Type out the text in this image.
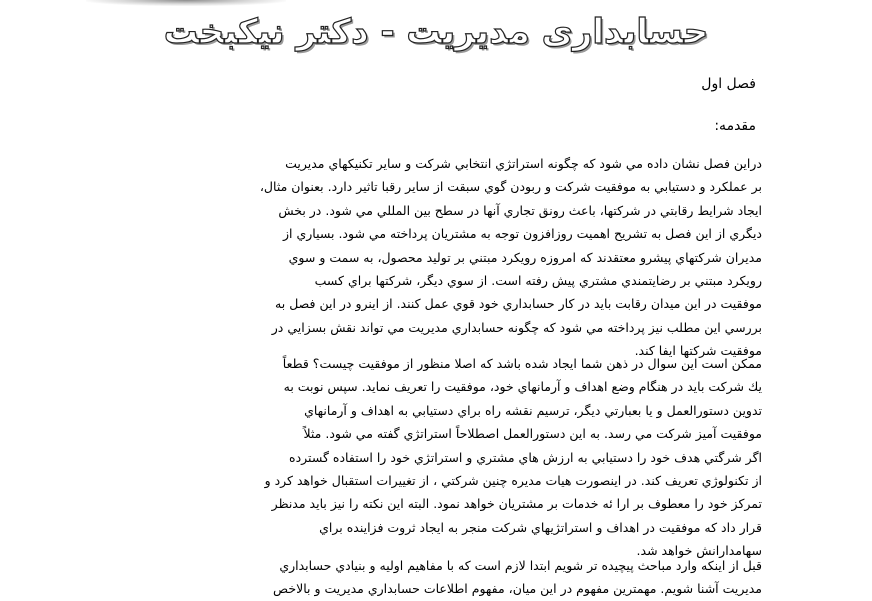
حسابداری مدیریت - دکتر نیکبخت
فصل اول
مقدمه:
دراين فصل نشان داده مي شود كه چگونه استراتژي انتخابي شركت و ساير تكنيكهاي مديريت
بر عملكرد و دستيابي به موفقيت شركت و ربودن گوي سبقت از ساير رقبا تاثير دارد. بعنوان مثال،
ايجاد شرايط رقابتي در شركتها، باعث رونق تجاري آنها در سطح بين المللي مي شود. در بخش
ديگري از اين فصل به تشريح اهميت روزافزون توجه به مشتريان پرداخته مي شود. بسياري از
مديران شركتهاي پيشرو معتقدند كه امروزه رويكرد مبتني بر توليد محصول، به سمت و سوي
رويكرد مبتني بر رضايتمندي مشتري پيش رفته است. از سوي ديگر، شركتها براي كسب
موفقيت در اين ميدان رقابت بايد در كار حسابداري خود قوي عمل كنند. از اينرو در اين فصل به
بررسي اين مطلب نيز پرداخته مي شود كه چگونه حسابداري مديريت مي تواند نقش بسزايي در
موفقيت شركتها ايفا كند.
ممكن است اين سوال در ذهن شما ايجاد شده باشد كه اصلا منظور از موفقيت چيست؟ قطعاً
يك شركت بايد در هنگام وضع اهداف و آرمانهاي خود، موفقيت را تعريف نمايد. سپس نوبت به
تدوين دستورالعمل و يا بعبارتي ديگر، ترسيم نقشه راه براي دستيابي به اهداف و آرمانهاي
موفقيت آميز شركت مي رسد. به اين دستورالعمل اصطلاحاً استراتژي گفته مي شود. مثلاً
اگر شرگتي هدف خود را دستيابي به ارزش هاي مشتري و استراتژي خود را استفاده گسترده
از تكنولوژي تعريف كند. در اينصورت هيات مديره چنين شركتي ، از تغييرات استقبال خواهد كرد و
تمركز خود را معطوف بر ارا ئه خدمات بر مشتريان خواهد نمود. البته اين نكته را نيز بايد مدنظر
قرار داد كه موفقيت در اهداف و استراتژيهاي شركت منجر به ايجاد ثروت فزاينده براي
سهامدارانش خواهد شد.
قبل از اينكه وارد مباحث پيچيده تر شويم ابتدا لازم است كه با مفاهيم اوليه و بنيادي حسابداري
مديريت آشنا شويم. مهمترين مفهوم در اين ميان، مفهوم اطلاعات حسابداري مديريت و بالاخص
